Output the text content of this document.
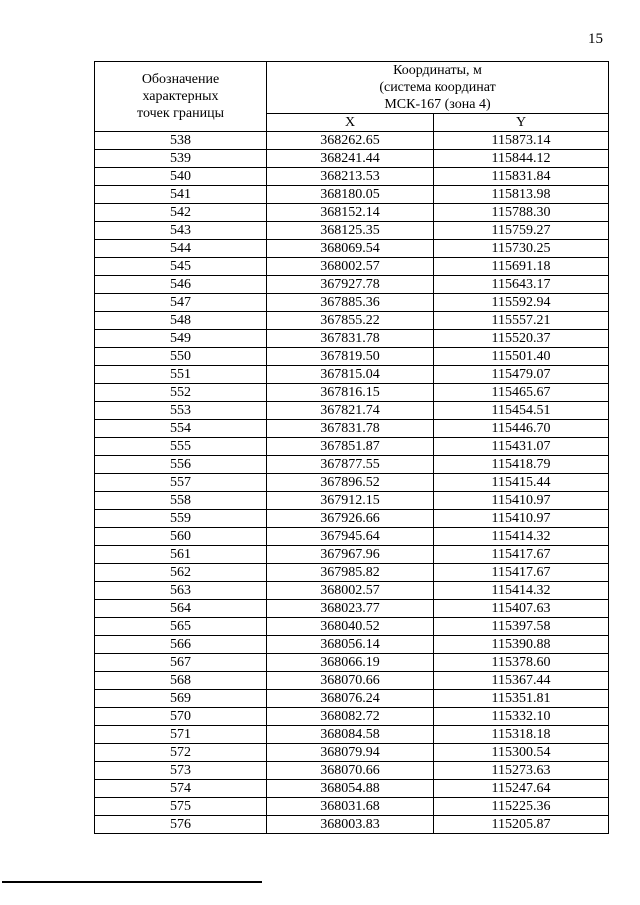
15
Обозначение
характерных
точек границы	Координаты, м
(система координат
МСК-167 (зона 4)	

	X	Y
538	368262.65	115873.14
539	368241.44	115844.12
540	368213.53	115831.84
541	368180.05	115813.98
542	368152.14	115788.30
543	368125.35	115759.27
544	368069.54	115730.25
545	368002.57	115691.18
546	367927.78	115643.17
547	367885.36	115592.94
548	367855.22	115557.21
549	367831.78	115520.37
550	367819.50	115501.40
551	367815.04	115479.07
552	367816.15	115465.67
553	367821.74	115454.51
554	367831.78	115446.70
555	367851.87	115431.07
556	367877.55	115418.79
557	367896.52	115415.44
558	367912.15	115410.97
559	367926.66	115410.97
560	367945.64	115414.32
561	367967.96	115417.67
562	367985.82	115417.67
563	368002.57	115414.32
564	368023.77	115407.63
565	368040.52	115397.58
566	368056.14	115390.88
567	368066.19	115378.60
568	368070.66	115367.44
569	368076.24	115351.81
570	368082.72	115332.10
571	368084.58	115318.18
572	368079.94	115300.54
573	368070.66	115273.63
574	368054.88	115247.64
575	368031.68	115225.36
576	368003.83	115205.87
